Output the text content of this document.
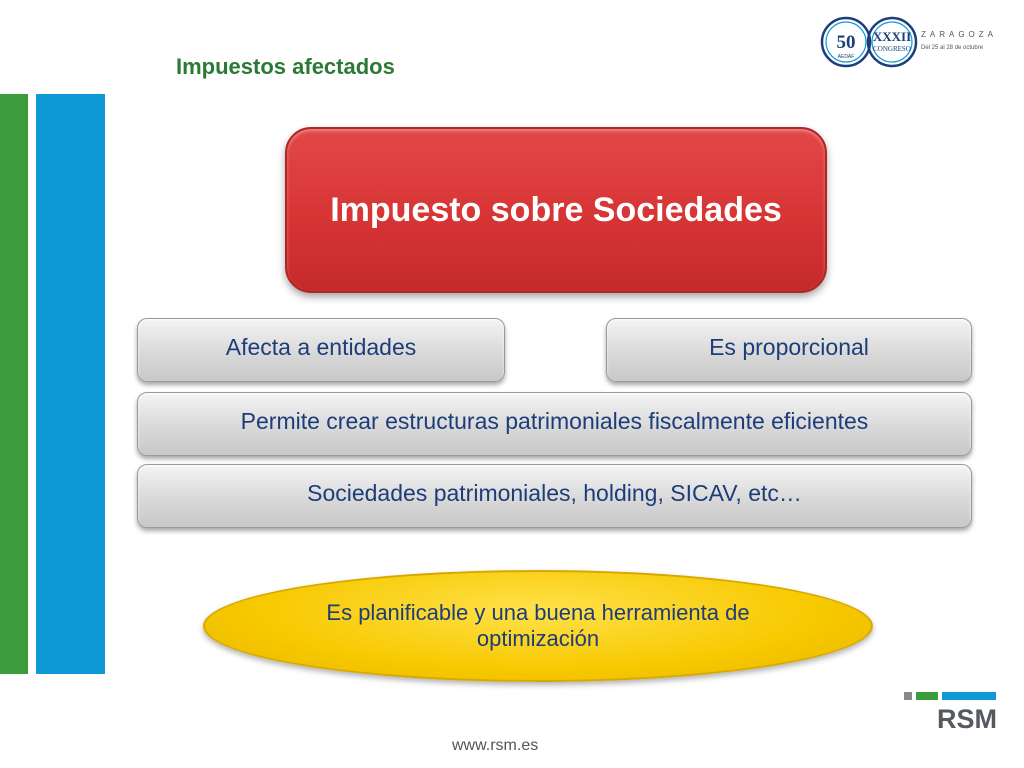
Impuestos afectados
50
AEDAF
XXXII
CONGRESO
ZARAGOZA
Del 25 al 28 de octubre
Impuesto sobre Sociedades
Afecta a entidades	Es proporcional
Permite crear estructuras patrimoniales fiscalmente eficientes
Sociedades patrimoniales, holding, SICAV, etc…
Es planificable y una buena herramienta de optimización
RSM
www.rsm.es
